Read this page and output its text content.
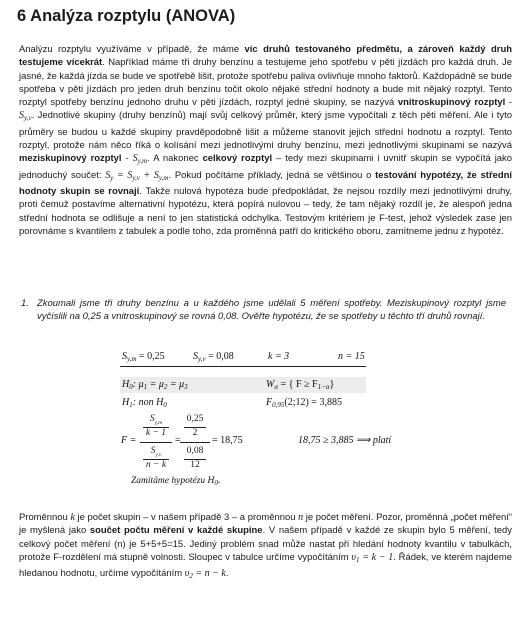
6 Analýza rozptylu (ANOVA)
Analýzu rozptylu využíváme v případě, že máme víc druhů testovaného předmětu, a zároveň každý druh testujeme vícekrát. Například máme tři druhy benzínu a testujeme jeho spotřebu v pěti jízdách pro každá druh. Je jasné, že každá jízda se bude ve spotřebě lišit, protože spotřebu paliva ovlivňuje mnoho faktorů. Každopádně se bude spotřeba v pěti jízdách pro jeden druh benzínu točit okolo nějaké střední hodnoty a bude mít nějaký rozptyl. Tento rozptyl spotřeby benzínu jednoho druhu v pěti jízdách, rozptyl jedné skupiny, se nazývá vnitroskupinový rozptyl - $S_{y,v}$. Jednotlivé skupiny (druhy benzínů) mají svůj celkový průměr, který jsme vypočítali z těch pěti měření. Ale i tyto průměry se budou u každé skupiny pravděpodobně lišit a můžeme stanovit jejich střední hodnotu a rozptyl. Tento rozptyl, protože nám něco říká o kolísání mezi jednotlivými druhy benzínu, mezi jednotlivými skupinami se nazývá meziskupinový rozptyl - $S_{y,m}$. A nakonec celkový rozptyl – tedy mezi skupinami i uvnitř skupin se vypočítá jako jednoduchý součet: $S_y = S_{y,v} + S_{y,m}$. Pokud počítáme příklady, jedná se většinou o testování hypotézy, že střední hodnoty skupin se rovnají. Takže nulová hypotéza bude předpokládat, že nejsou rozdíly mezi jednotlivými druhy, proti čemuž postavíme alternativní hypotézu, která popírá nulovou – tedy, že tam nějaký rozdíl je, že alespoň jedna střední hodnota se odlišuje a není to jen statistická odchylka. Testovým kritériem je F-test, jehož výsledek zase jen porovnáme s kvantilem z tabulek a podle toho, zda proměnná patří do kritického oboru, zamítneme jednu z hypotéz.
1. Zkoumali jsme tři druhy benzínu a u každého jsme udělali 5 měření spotřeby. Meziskupinový rozptyl jsme vyčíslili na 0,25 a vnitroskupinový se rovná 0,08. Ověřte hypotézu, že se spotřeby u těchto tří druhů rovnají.
$S_{y,m} = 0,25$	$S_{y,v} = 0,08$	k = 3	n = 15
$H_0$: $\mu_1 = \mu_2 = \mu_3$	$W_\alpha$ = { $F \ge F_{1-\alpha}$}
$H_1$: non $H_0$	$F_{0,95}(2;12) = 3,885$
F =
$S_{y,m}$
k − 1
$S_{y,v}$
n − k
=
0,25
2
0,08
12
= 18,75	18,75 ≥ 3,885 ⟹ platí
Zamítáme hypotézu $H_0$.
Proměnnou k je počet skupin – v našem případě 3 – a proměnnou n je počet měření. Pozor, proměnná „počet měření“ je myšlená jako součet počtu měření v každé skupine. V našem případě v každé ze skupin bylo 5 měření, tedy celkový počet měření (n) je 5+5+5=15. Jediný problém snad může nastat při hledání hodnoty kvantilu v tabulkách, protože F-rozdělení má stupně volnosti. Sloupec v tabulce určíme vypočítáním $\upsilon_1 = k - 1$. Řádek, ve kterém najdeme hledanou hodnotu, určíme vypočítáním $\upsilon_2 = n - k$.
